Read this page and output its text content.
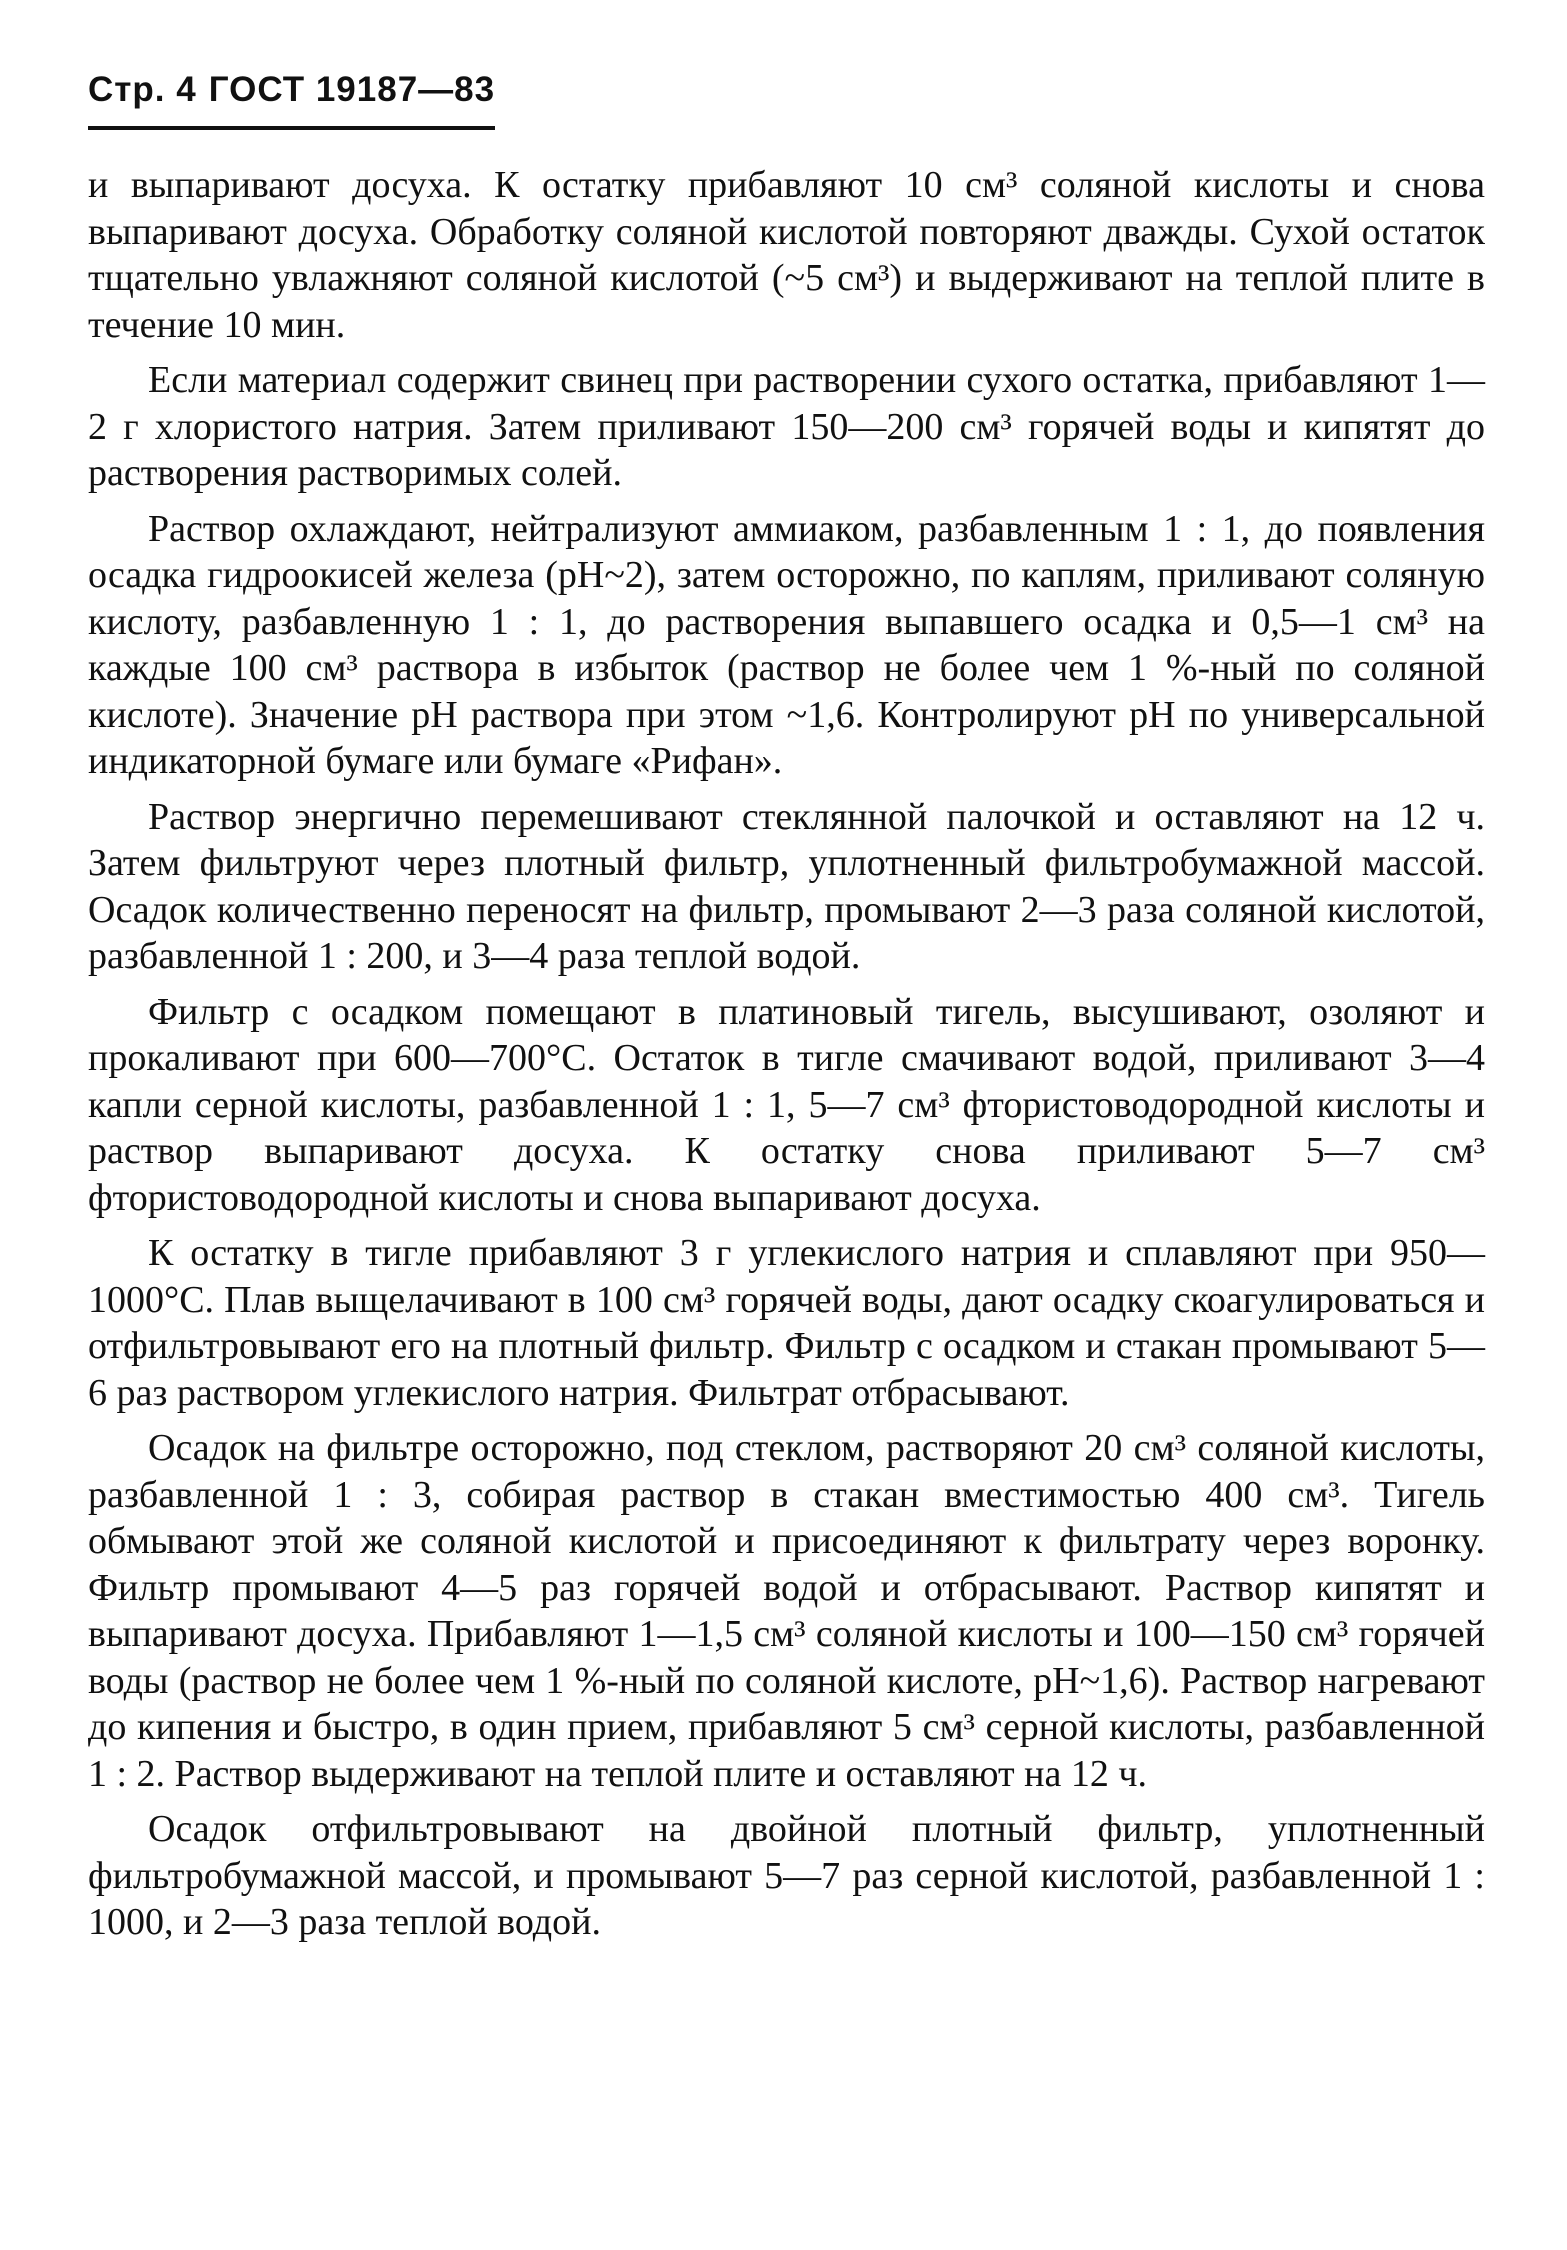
Стр. 4 ГОСТ 19187—83

и выпаривают досуха. К остатку прибавляют 10 см³ соляной кислоты и снова выпаривают досуха. Обработку соляной кислотой повторяют дважды. Сухой остаток тщательно увлажняют соляной кислотой (~5 см³) и выдерживают на теплой плите в течение 10 мин.

Если материал содержит свинец при растворении сухого остатка, прибавляют 1—2 г хлористого натрия. Затем приливают 150—200 см³ горячей воды и кипятят до растворения растворимых солей.

Раствор охлаждают, нейтрализуют аммиаком, разбавленным 1 : 1, до появления осадка гидроокисей железа (pH~2), затем осторожно, по каплям, приливают соляную кислоту, разбавленную 1 : 1, до растворения выпавшего осадка и 0,5—1 см³ на каждые 100 см³ раствора в избыток (раствор не более чем 1 %-ный по соляной кислоте). Значение pH раствора при этом ~1,6. Контролируют pH по универсальной индикаторной бумаге или бумаге «Рифан».

Раствор энергично перемешивают стеклянной палочкой и оставляют на 12 ч. Затем фильтруют через плотный фильтр, уплотненный фильтробумажной массой. Осадок количественно переносят на фильтр, промывают 2—3 раза соляной кислотой, разбавленной 1 : 200, и 3—4 раза теплой водой.

Фильтр с осадком помещают в платиновый тигель, высушивают, озоляют и прокаливают при 600—700°С. Остаток в тигле смачивают водой, приливают 3—4 капли серной кислоты, разбавленной 1 : 1, 5—7 см³ фтористоводородной кислоты и раствор выпаривают досуха. К остатку снова приливают 5—7 см³ фтористоводородной кислоты и снова выпаривают досуха.

К остатку в тигле прибавляют 3 г углекислого натрия и сплавляют при 950—1000°С. Плав выщелачивают в 100 см³ горячей воды, дают осадку скоагулироваться и отфильтровывают его на плотный фильтр. Фильтр с осадком и стакан промывают 5—6 раз раствором углекислого натрия. Фильтрат отбрасывают.

Осадок на фильтре осторожно, под стеклом, растворяют 20 см³ соляной кислоты, разбавленной 1 : 3, собирая раствор в стакан вместимостью 400 см³. Тигель обмывают этой же соляной кислотой и присоединяют к фильтрату через воронку. Фильтр промывают 4—5 раз горячей водой и отбрасывают. Раствор кипятят и выпаривают досуха. Прибавляют 1—1,5 см³ соляной кислоты и 100—150 см³ горячей воды (раствор не более чем 1 %-ный по соляной кислоте, pH~1,6). Раствор нагревают до кипения и быстро, в один прием, прибавляют 5 см³ серной кислоты, разбавленной 1 : 2. Раствор выдерживают на теплой плите и оставляют на 12 ч.

Осадок отфильтровывают на двойной плотный фильтр, уплотненный фильтробумажной массой, и промывают 5—7 раз серной кислотой, разбавленной 1 : 1000, и 2—3 раза теплой водой.
